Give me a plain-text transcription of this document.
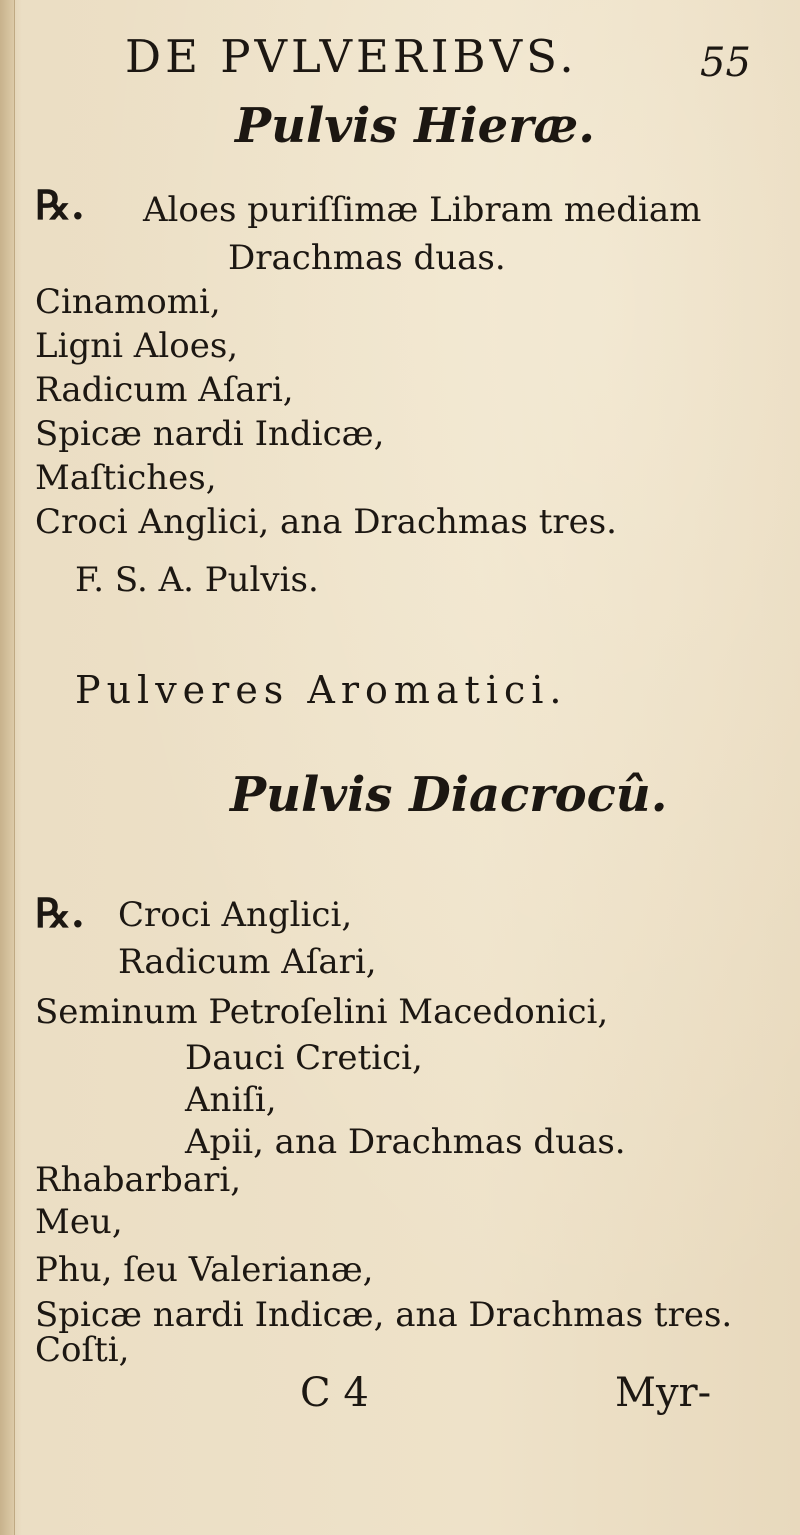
DE PVLVERIBVS.	55
Pulvis Hieræ.
℞. Aloes puriſſimæ Libram mediam
Drachmas duas.
Cinamomi,
Ligni Aloes,
Radicum Aſari,
Spicæ nardi Indicæ,
Maſtiches,
Croci Anglici, ana Drachmas tres.
F. S. A. Pulvis.
Pulveres Aromatici.
Pulvis Diacrocû.
℞. Croci Anglici,
Radicum Aſari,
Seminum Petroſelini Macedonici,
Dauci Cretici,
Aniſi,
Apii, ana Drachmas duas.
Rhabarbari,
Meu,
Phu, ſeu Valerianæ,
Spicæ nardi Indicæ, ana Drachmas tres.
Coſti,
C 4	Myr-
